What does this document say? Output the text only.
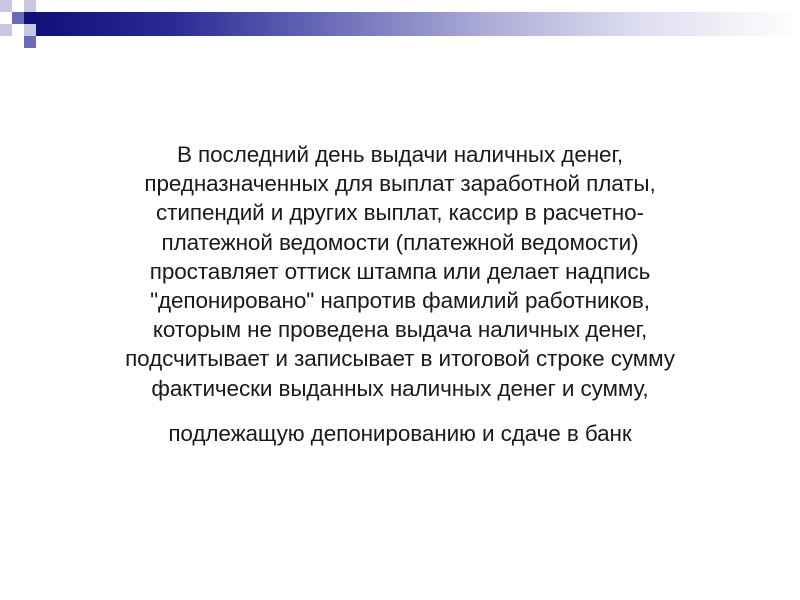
В последний день выдачи наличных денег,
предназначенных для выплат заработной платы,
стипендий и других выплат, кассир в расчетно-
платежной ведомости (платежной ведомости)
проставляет оттиск штампа или делает надпись
"депонировано" напротив фамилий работников,
которым не проведена выдача наличных денег,
подсчитывает и записывает в итоговой строке сумму
фактически выданных наличных денег и сумму,

подлежащую депонированию и сдаче в банк
